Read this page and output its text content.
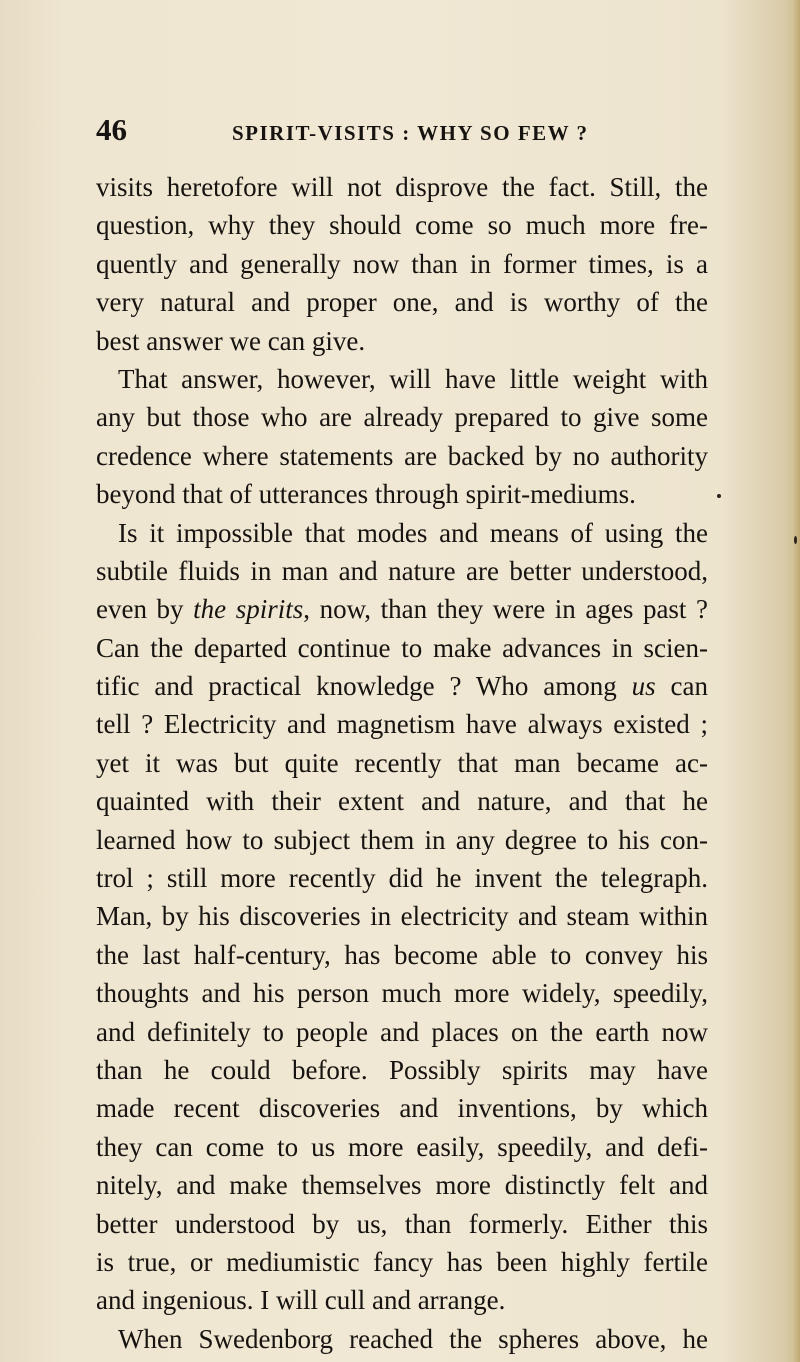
46	SPIRIT-VISITS : WHY SO FEW ?
visits heretofore will not disprove the fact. Still, the
question, why they should come so much more fre-
quently and generally now than in former times, is a
very natural and proper one, and is worthy of the
best answer we can give.
That answer, however, will have little weight with
any but those who are already prepared to give some
credence where statements are backed by no authority
beyond that of utterances through spirit-mediums.
Is it impossible that modes and means of using the
subtile fluids in man and nature are better understood,
even by the spirits, now, than they were in ages past ?
Can the departed continue to make advances in scien-
tific and practical knowledge ? Who among us can
tell ? Electricity and magnetism have always existed ;
yet it was but quite recently that man became ac-
quainted with their extent and nature, and that he
learned how to subject them in any degree to his con-
trol ; still more recently did he invent the telegraph.
Man, by his discoveries in electricity and steam within
the last half-century, has become able to convey his
thoughts and his person much more widely, speedily,
and definitely to people and places on the earth now
than he could before. Possibly spirits may have
made recent discoveries and inventions, by which
they can come to us more easily, speedily, and defi-
nitely, and make themselves more distinctly felt and
better understood by us, than formerly. Either this
is true, or mediumistic fancy has been highly fertile
and ingenious. I will cull and arrange.
When Swedenborg reached the spheres above, he
